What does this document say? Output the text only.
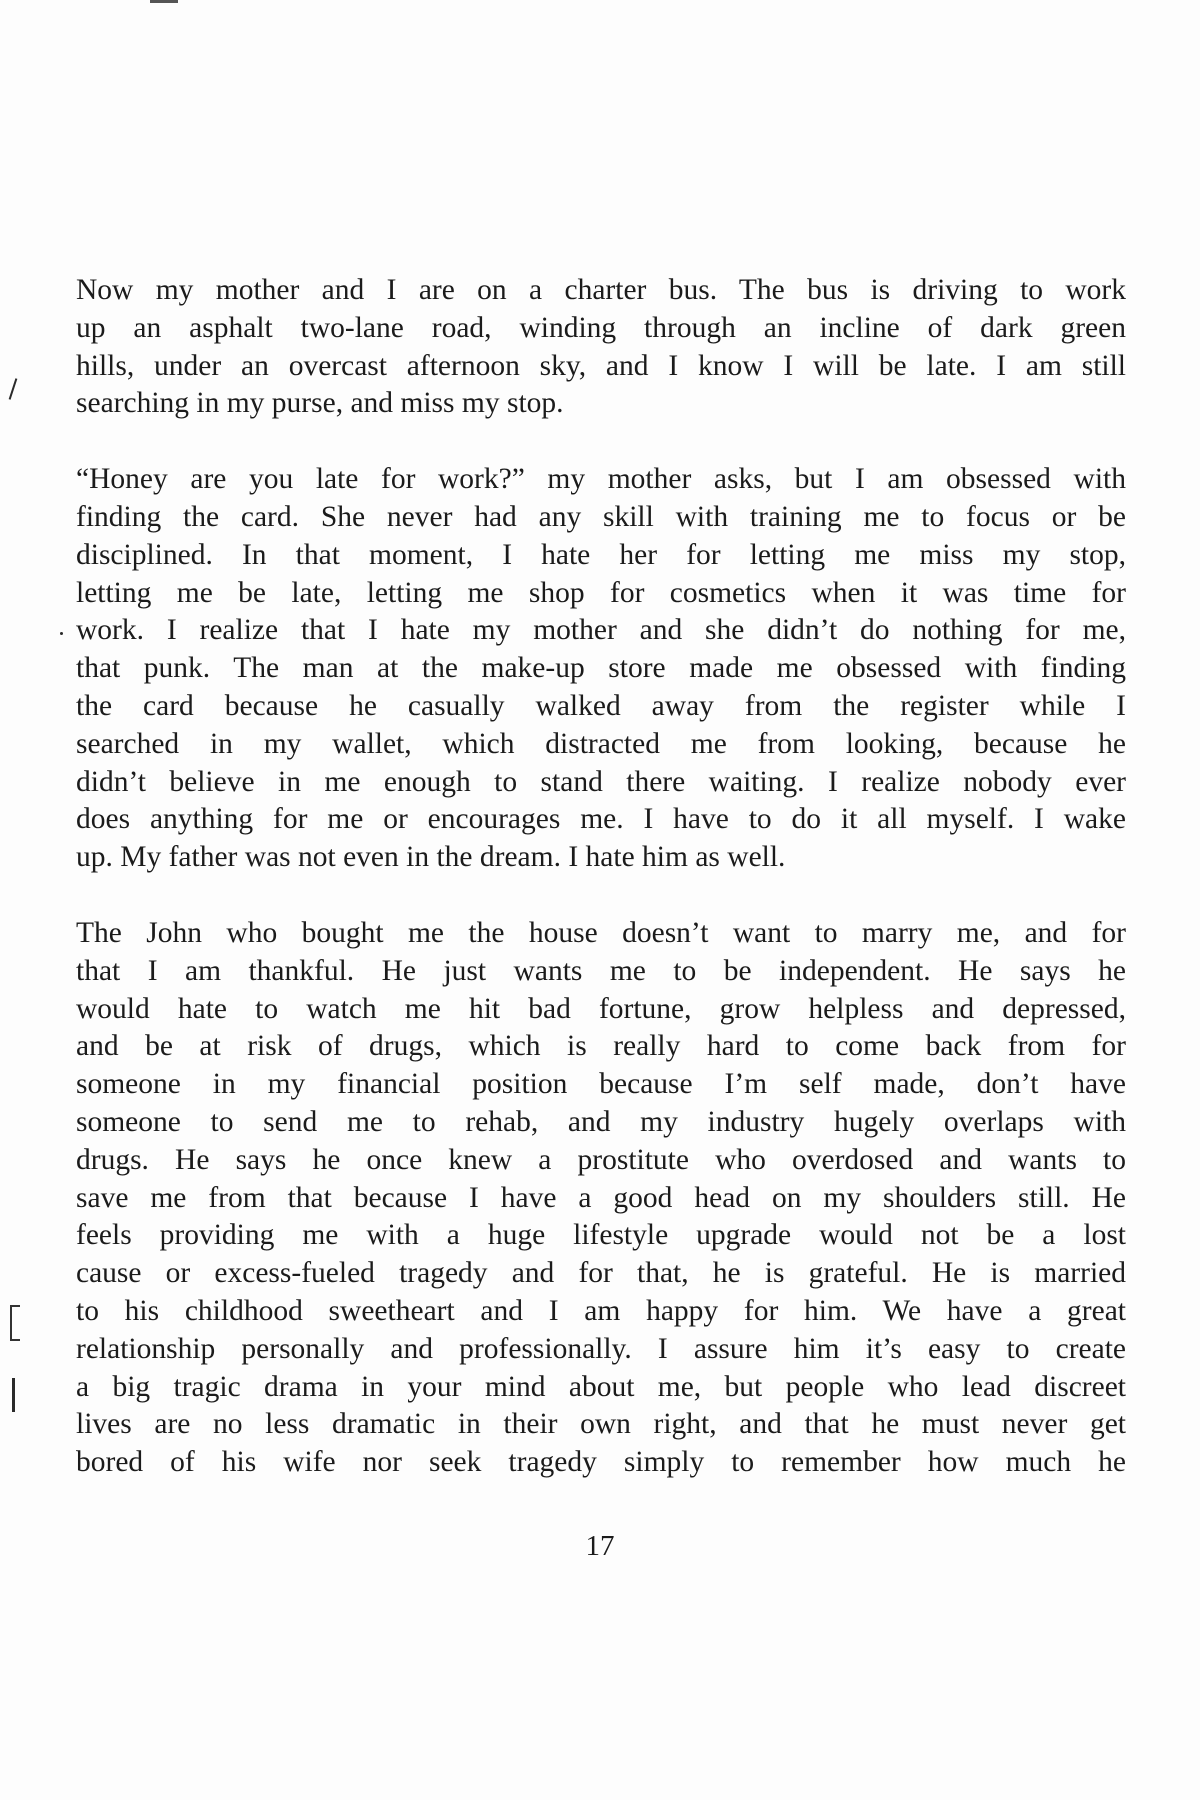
Now my mother and I are on a charter bus. The bus is driving to work
up an asphalt two-lane road, winding through an incline of dark green
hills, under an overcast afternoon sky, and I know I will be late. I am still
searching in my purse, and miss my stop.

“Honey are you late for work?” my mother asks, but I am obsessed with
finding the card. She never had any skill with training me to focus or be
disciplined. In that moment, I hate her for letting me miss my stop,
letting me be late, letting me shop for cosmetics when it was time for
work. I realize that I hate my mother and she didn’t do nothing for me,
that punk. The man at the make-up store made me obsessed with finding
the card because he casually walked away from the register while I
searched in my wallet, which distracted me from looking, because he
didn’t believe in me enough to stand there waiting. I realize nobody ever
does anything for me or encourages me. I have to do it all myself. I wake
up. My father was not even in the dream. I hate him as well.

The John who bought me the house doesn’t want to marry me, and for
that I am thankful. He just wants me to be independent. He says he
would hate to watch me hit bad fortune, grow helpless and depressed,
and be at risk of drugs, which is really hard to come back from for
someone in my financial position because I’m self made, don’t have
someone to send me to rehab, and my industry hugely overlaps with
drugs. He says he once knew a prostitute who overdosed and wants to
save me from that because I have a good head on my shoulders still. He
feels providing me with a huge lifestyle upgrade would not be a lost
cause or excess-fueled tragedy and for that, he is grateful. He is married
to his childhood sweetheart and I am happy for him. We have a great
relationship personally and professionally. I assure him it’s easy to create
a big tragic drama in your mind about me, but people who lead discreet
lives are no less dramatic in their own right, and that he must never get
bored of his wife nor seek tragedy simply to remember how much he

17
